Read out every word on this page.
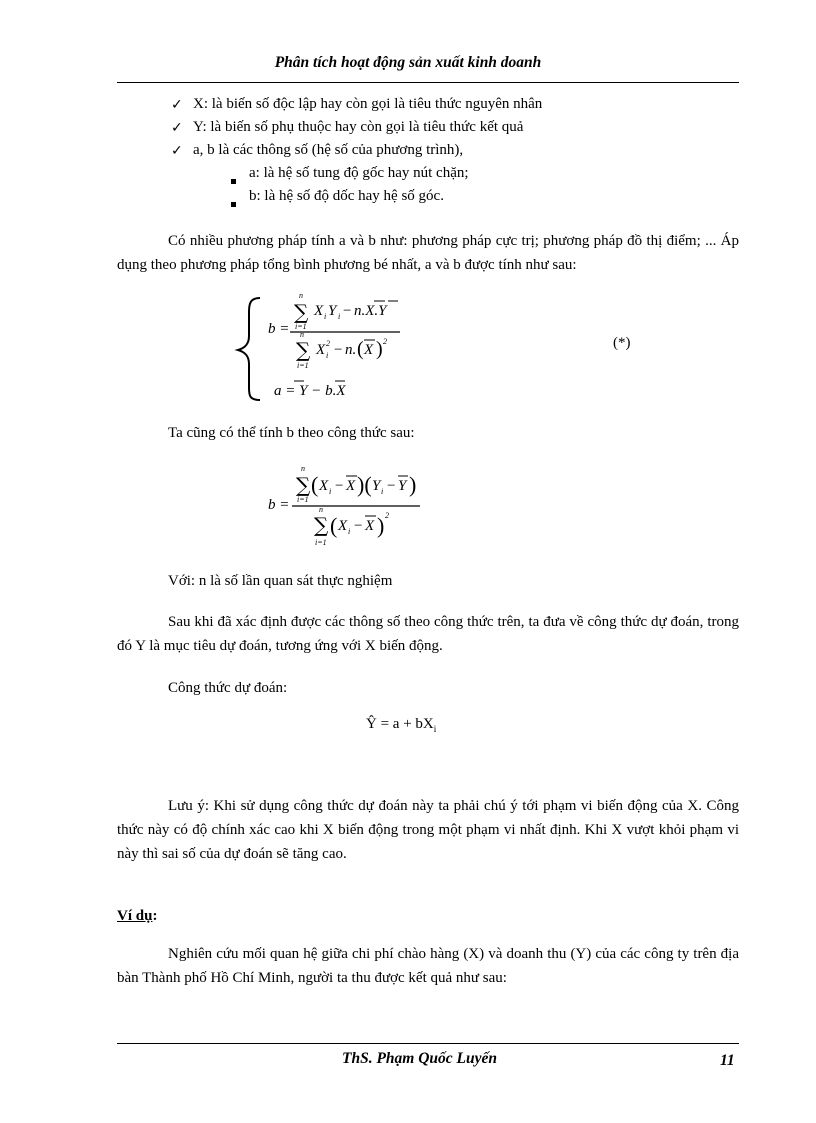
Phân tích hoạt động sản xuất kinh doanh
✓ X: là biến số độc lập hay còn gọi là tiêu thức nguyên nhân
✓ Y: là biến số phụ thuộc hay còn gọi là tiêu thức kết quả
✓ a, b là các thông số (hệ số của phương trình),
a: là hệ số tung độ gốc hay nút chặn;
b: là hệ số độ dốc hay hệ số góc.

Có nhiều phương pháp tính a và b như: phương pháp cực trị; phương pháp đồ thị điểm; ... Áp dụng theo phương pháp tổng bình phương bé nhất, a và b được tính như sau:

∑
n
i=1
X i Y i − n.X.Y
∑
n
i=1
X 2
i − n. ( X ) 2
a = Y − b.X
b =
(*)
Ta cũng có thể tính b theo công thức sau:
b =
∑
n
i=1
( X i − X )( Y i − Y )
∑
n
i=1
( X i − X ) 2
Với: n là số lần quan sát thực nghiệm

Sau khi đã xác định được các thông số theo công thức trên, ta đưa về công thức dự đoán, trong đó Y là mục tiêu dự đoán, tương ứng với X biến động.

Công thức dự đoán:
Ŷ = $a + bX_i$

Lưu ý: Khi sử dụng công thức dự đoán này ta phải chú ý tới phạm vi biến động của X. Công thức này có độ chính xác cao khi X biến động trong một phạm vi nhất định. Khi X vượt khỏi phạm vi này thì sai số của dự đoán sẽ tăng cao.

Ví dụ:

Nghiên cứu mối quan hệ giữa chi phí chào hàng (X) và doanh thu (Y) của các công ty trên địa bàn Thành phố Hồ Chí Minh, người ta thu được kết quả như sau:

ThS. Phạm Quốc Luyến	11
